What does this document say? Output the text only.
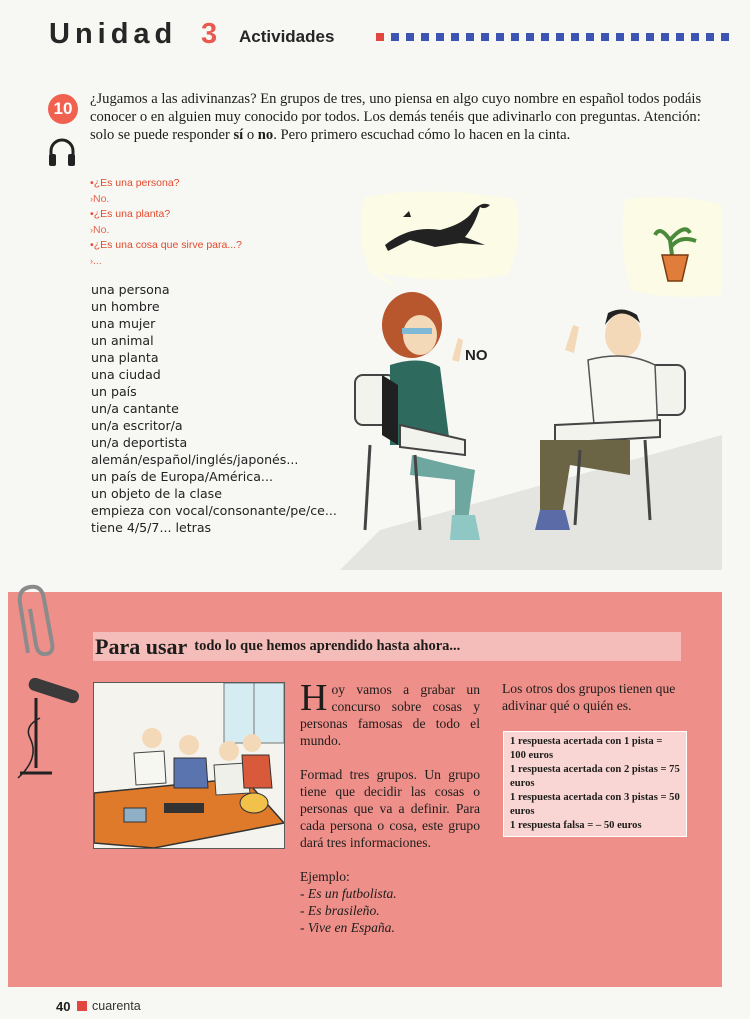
Unidad 3 Actividades
10	¿Jugamos a las adivinanzas? En grupos de tres, uno piensa en algo cuyo nombre en español todos podáis conocer o en alguien muy conocido por todos. Los demás tenéis que adivinarlo con preguntas. Atención: solo se puede responder sí o no. Pero primero escuchad cómo lo hacen en la cinta.

• ¿Es una persona?
› No.
• ¿Es una planta?
› No.
• ¿Es una cosa que sirve para...?
› ...
una persona
un hombre
una mujer
un animal
una planta
una ciudad
un país
un/a cantante
un/a escritor/a
un/a deportista
alemán/español/inglés/japonés...
un país de Europa/América...
un objeto de la clase
empieza con vocal/consonante/pe/ce...
tiene 4/5/7... letras
NO
Para usar todo lo que hemos aprendido hasta ahora...

Hoy vamos a grabar un concurso sobre cosas y personas famosas de todo el mundo.

Formad tres grupos. Un grupo tiene que decidir las cosas o personas que va a definir. Para cada persona o cosa, este grupo dará tres informaciones.

Ejemplo:
- Es un futbolista.
- Es brasileño.
- Vive en España.

Los otros dos grupos tienen que adivinar qué o quién es.

1 respuesta acertada con 1 pista = 100 euros
1 respuesta acertada con 2 pistas = 75 euros
1 respuesta acertada con 3 pistas = 50 euros
1 respuesta falsa = – 50 euros
40 cuarenta
